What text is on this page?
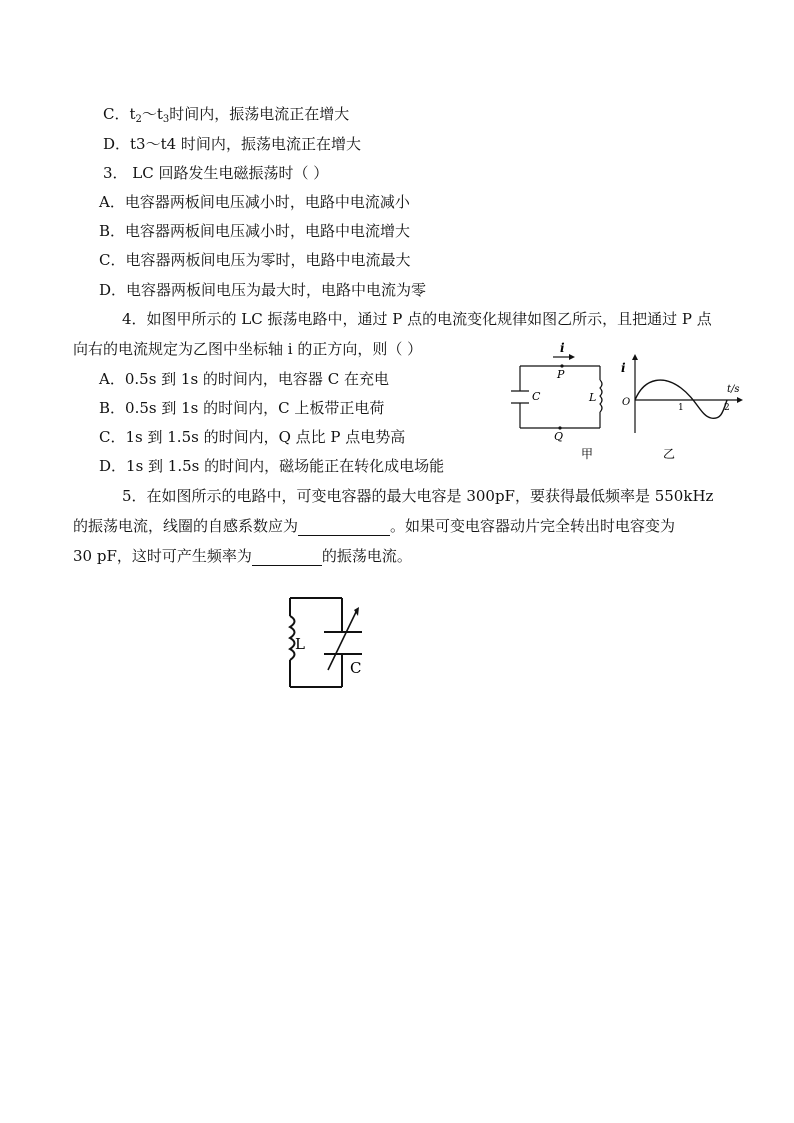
C．$t_2\sim t_3$时间内，振荡电流正在增大
D．t3～t4 时间内，振荡电流正在增大
3． LC 回路发生电磁振荡时（ ）
A．电容器两板间电压减小时，电路中电流减小
B．电容器两板间电压减小时，电路中电流增大
C．电容器两板间电压为零时，电路中电流最大
D．电容器两板间电压为最大时，电路中电流为零
4．如图甲所示的 LC 振荡电路中，通过 P 点的电流变化规律如图乙所示，且把通过 P 点
向右的电流规定为乙图中坐标轴 i 的正方向，则（ ）
A．0.5s 到 1s 的时间内，电容器 C 在充电
B．0.5s 到 1s 的时间内，C 上板带正电荷
C．1s 到 1.5s 的时间内，Q 点比 P 点电势高
D．1s 到 1.5s 的时间内，磁场能正在转化成电场能
i
P
Q
C	L
甲
i
t/s
O	1	2
乙
5．在如图所示的电路中，可变电容器的最大电容是 300pF，要获得最低频率是 550kHz
的振荡电流，线圈的自感系数应为	。如果可变电容器动片完全转出时电容变为
30 pF，这时可产生频率为	的振荡电流。
L
C
